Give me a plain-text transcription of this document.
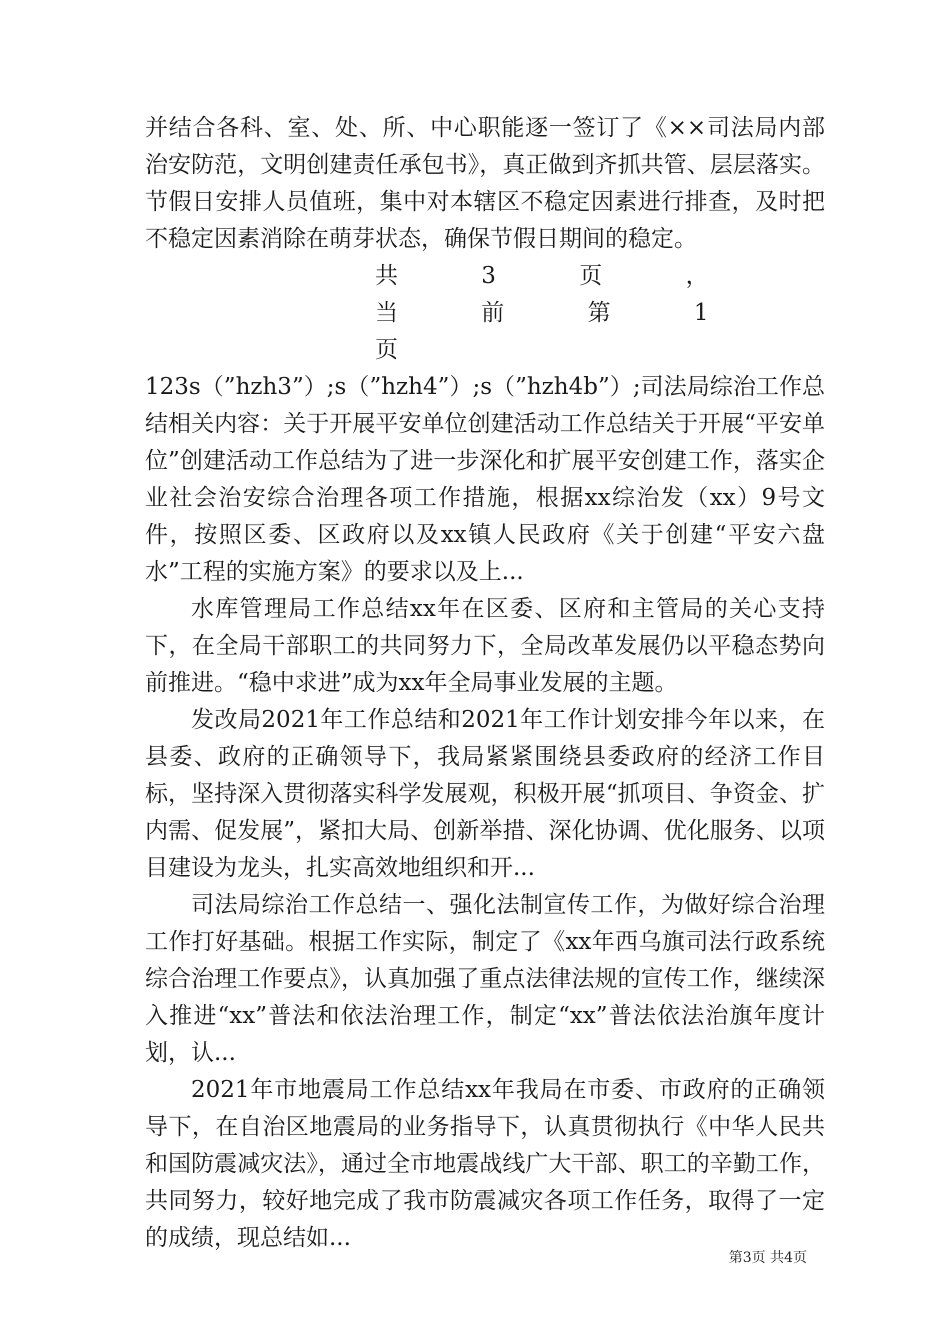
并结合各科、室、处、所、中心职能逐一签订了《××司法局内部治安防范，文明创建责任承包书》，真正做到齐抓共管、层层落实。节假日安排人员值班，集中对本辖区不稳定因素进行排查，及时把不稳定因素消除在萌芽状态，确保节假日期间的稳定。

共 3 页 ， 当 前 第 1 页

123s（”hzh3”）;s（”hzh4”）;s（”hzh4b”）;司法局综治工作总结相关内容：关于开展平安单位创建活动工作总结关于开展“平安单位”创建活动工作总结为了进一步深化和扩展平安创建工作，落实企业社会治安综合治理各项工作措施，根据xx综治发（xx）9号文件，按照区委、区政府以及xx镇人民政府《关于创建“平安六盘水”工程的实施方案》的要求以及上...

水库管理局工作总结xx年在区委、区府和主管局的关心支持下，在全局干部职工的共同努力下，全局改革发展仍以平稳态势向前推进。“稳中求进”成为xx年全局事业发展的主题。

发改局2021年工作总结和2021年工作计划安排今年以来，在县委、政府的正确领导下，我局紧紧围绕县委政府的经济工作目标，坚持深入贯彻落实科学发展观，积极开展“抓项目、争资金、扩内需、促发展”，紧扣大局、创新举措、深化协调、优化服务、以项目建设为龙头，扎实高效地组织和开...

司法局综治工作总结一、强化法制宣传工作，为做好综合治理工作打好基础。根据工作实际，制定了《xx年西乌旗司法行政系统综合治理工作要点》，认真加强了重点法律法规的宣传工作，继续深入推进“xx”普法和依法治理工作，制定“xx”普法依法治旗年度计划，认...

2021年市地震局工作总结xx年我局在市委、市政府的正确领导下，在自治区地震局的业务指导下，认真贯彻执行《中华人民共和国防震减灾法》，通过全市地震战线广大干部、职工的辛勤工作，共同努力，较好地完成了我市防震减灾各项工作任务，取得了一定的成绩，现总结如...

第3页 共4页
